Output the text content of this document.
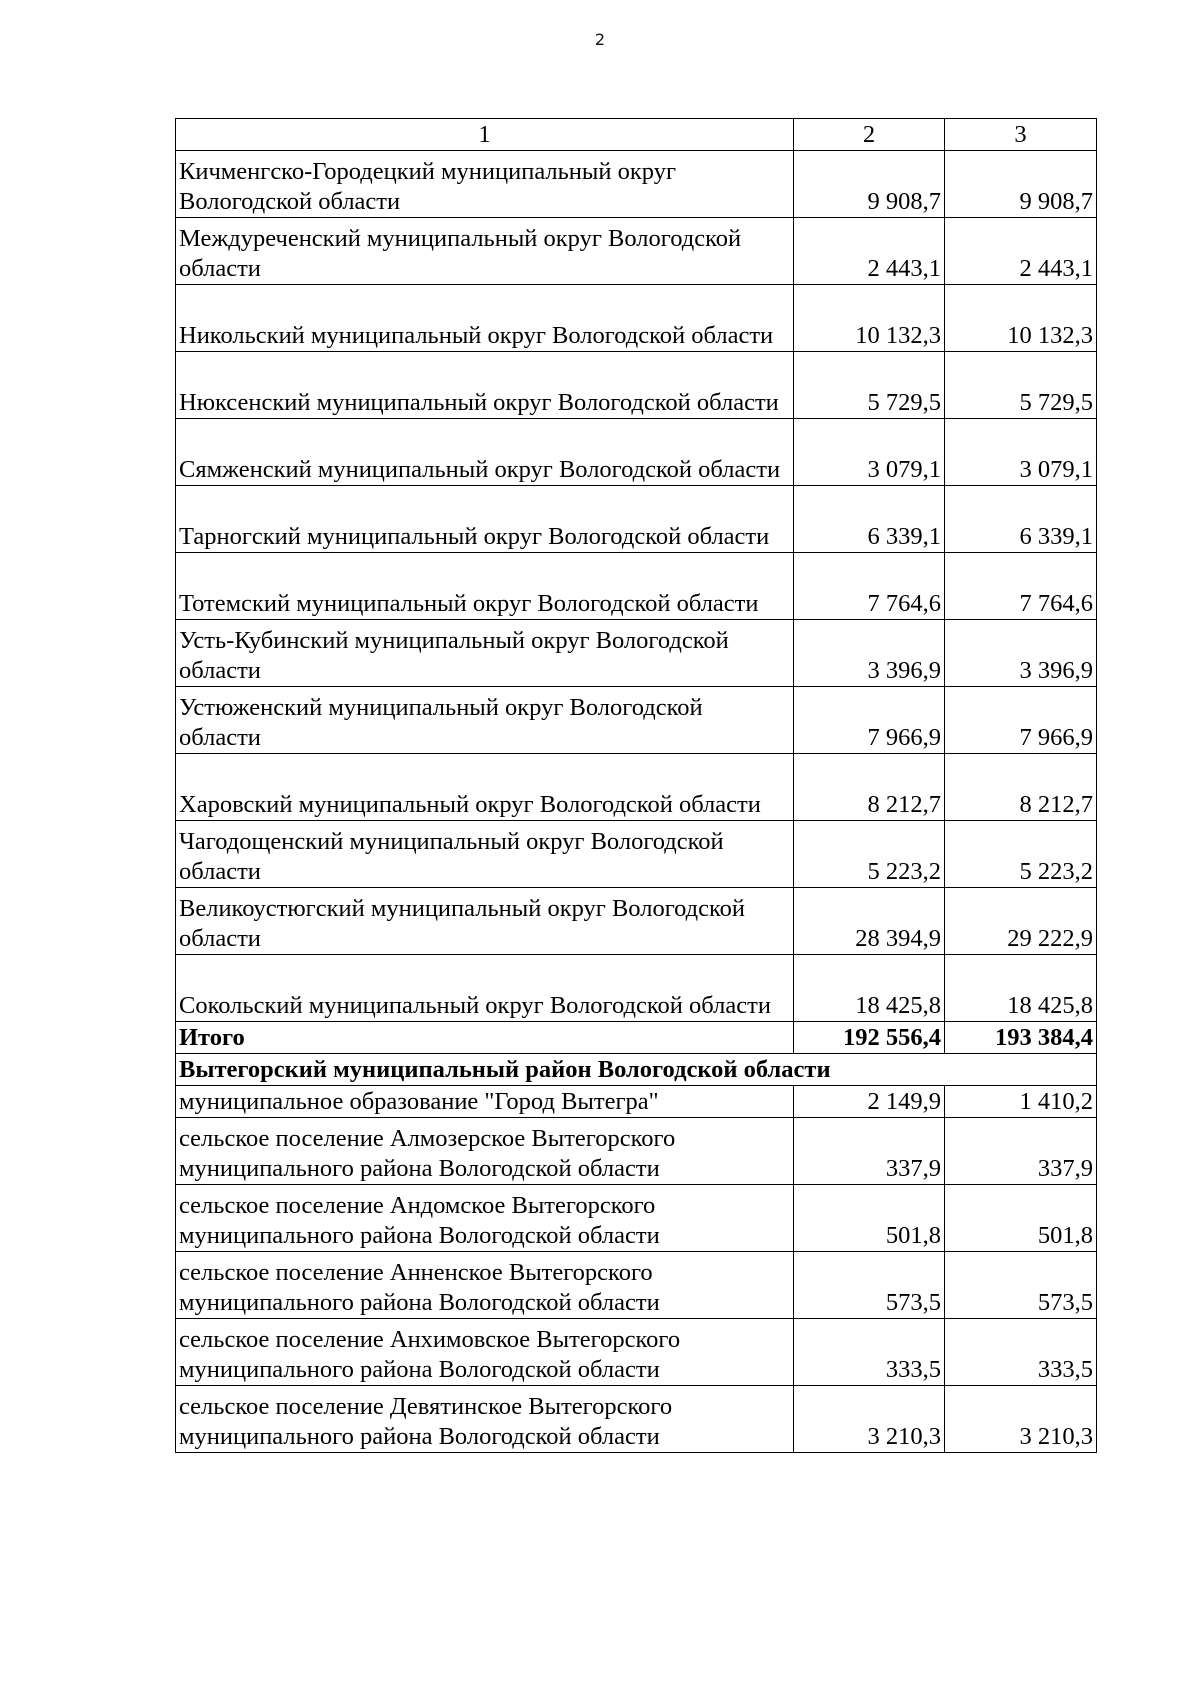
2
1	2	3
Кичменгско-Городецкий муниципальный округ Вологодской области	9 908,7	9 908,7
Междуреченский муниципальный округ Вологодской области	2 443,1	2 443,1
Никольский муниципальный округ Вологодской области	10 132,3	10 132,3
Нюксенский муниципальный округ Вологодской области	5 729,5	5 729,5
Сямженский муниципальный округ Вологодской области	3 079,1	3 079,1
Тарногский муниципальный округ Вологодской области	6 339,1	6 339,1
Тотемский муниципальный округ Вологодской области	7 764,6	7 764,6
Усть-Кубинский муниципальный округ Вологодской области	3 396,9	3 396,9
Устюженский муниципальный округ Вологодской области	7 966,9	7 966,9
Харовский муниципальный округ Вологодской области	8 212,7	8 212,7
Чагодощенский муниципальный округ Вологодской области	5 223,2	5 223,2
Великоустюгский муниципальный округ Вологодской области	28 394,9	29 222,9
Сокольский муниципальный округ Вологодской области	18 425,8	18 425,8
Итого	192 556,4	193 384,4
Вытегорский муниципальный район Вологодской области		
муниципальное образование "Город Вытегра"	2 149,9	1 410,2
сельское поселение Алмозерское Вытегорского муниципального района Вологодской области	337,9	337,9
сельское поселение Андомское Вытегорского муниципального района Вологодской области	501,8	501,8
сельское поселение Анненское Вытегорского муниципального района Вологодской области	573,5	573,5
сельское поселение Анхимовское Вытегорского муниципального района Вологодской области	333,5	333,5
сельское поселение Девятинское Вытегорского муниципального района Вологодской области	3 210,3	3 210,3
